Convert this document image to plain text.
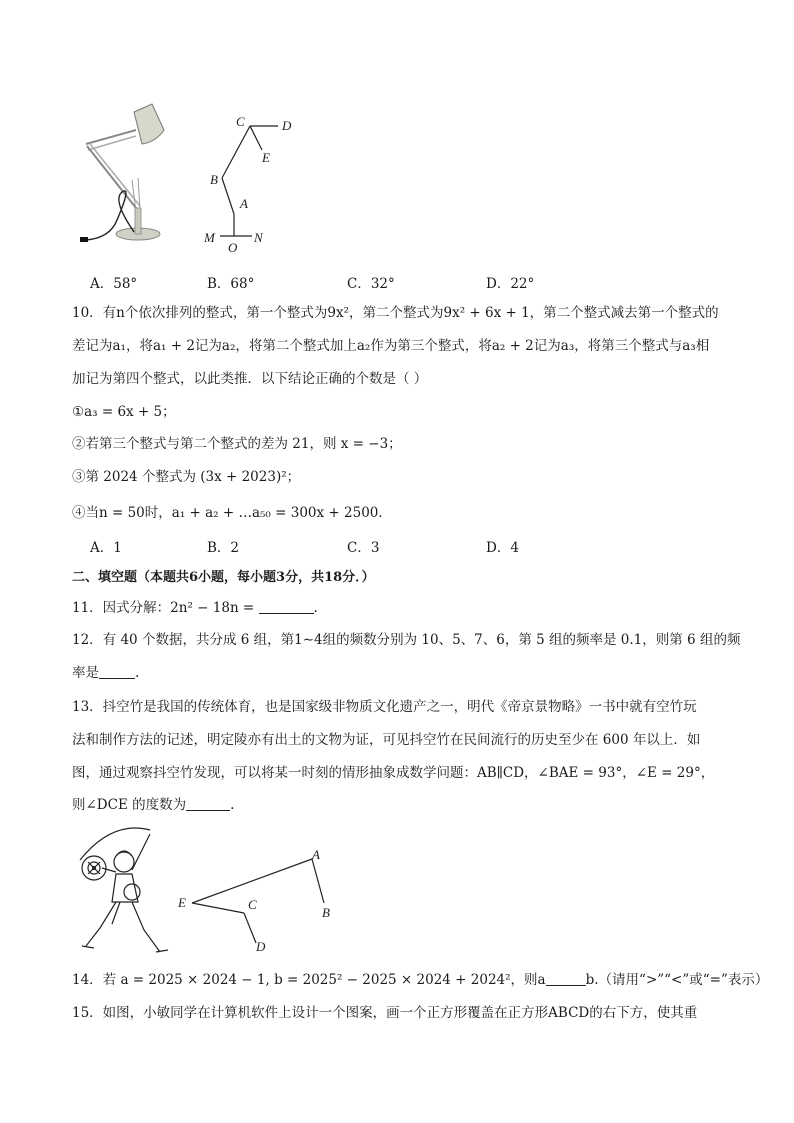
C	D
E
B
A
M
O
N
A．58°	B．68°	C．32°	D．22°
10．有n个依次排列的整式，第一个整式为9x²，第二个整式为9x² + 6x + 1，第二个整式减去第一个整式的
差记为a₁，将a₁ + 2记为a₂，将第二个整式加上a₂作为第三个整式，将a₂ + 2记为a₃，将第三个整式与a₃相
加记为第四个整式，以此类推．以下结论正确的个数是（ ）
①a₃ = 6x + 5；
②若第三个整式与第二个整式的差为 21，则 x = −3；
③第 2024 个整式为 (3x + 2023)²；
④当n = 50时，a₁ + a₂ + …a₅₀ = 300x + 2500．
A．1	B．2	C．3	D．4
二、填空题（本题共6小题，每小题3分，共18分．）
11．因式分解：2n² − 18n =	.
12．有 40 个数据，共分成 6 组，第1∼4组的频数分别为 10、5、7、6，第 5 组的频率是 0.1，则第 6 组的频
率是	.
13．抖空竹是我国的传统体育，也是国家级非物质文化遗产之一，明代《帝京景物略》一书中就有空竹玩
法和制作方法的记述，明定陵亦有出土的文物为证，可见抖空竹在民间流行的历史至少在 600 年以上．如
图，通过观察抖空竹发现，可以将某一时刻的情形抽象成数学问题：AB∥CD，∠BAE = 93°，∠E = 29°，
则∠DCE 的度数为	.
A
B
C
D
E
14．若 a = 2025 × 2024 − 1, b = 2025² − 2025 × 2024 + 2024²，则a	b.（请用“>”“<”或“=”表示）
15．如图，小敏同学在计算机软件上设计一个图案，画一个正方形覆盖在正方形ABCD的右下方，使其重
